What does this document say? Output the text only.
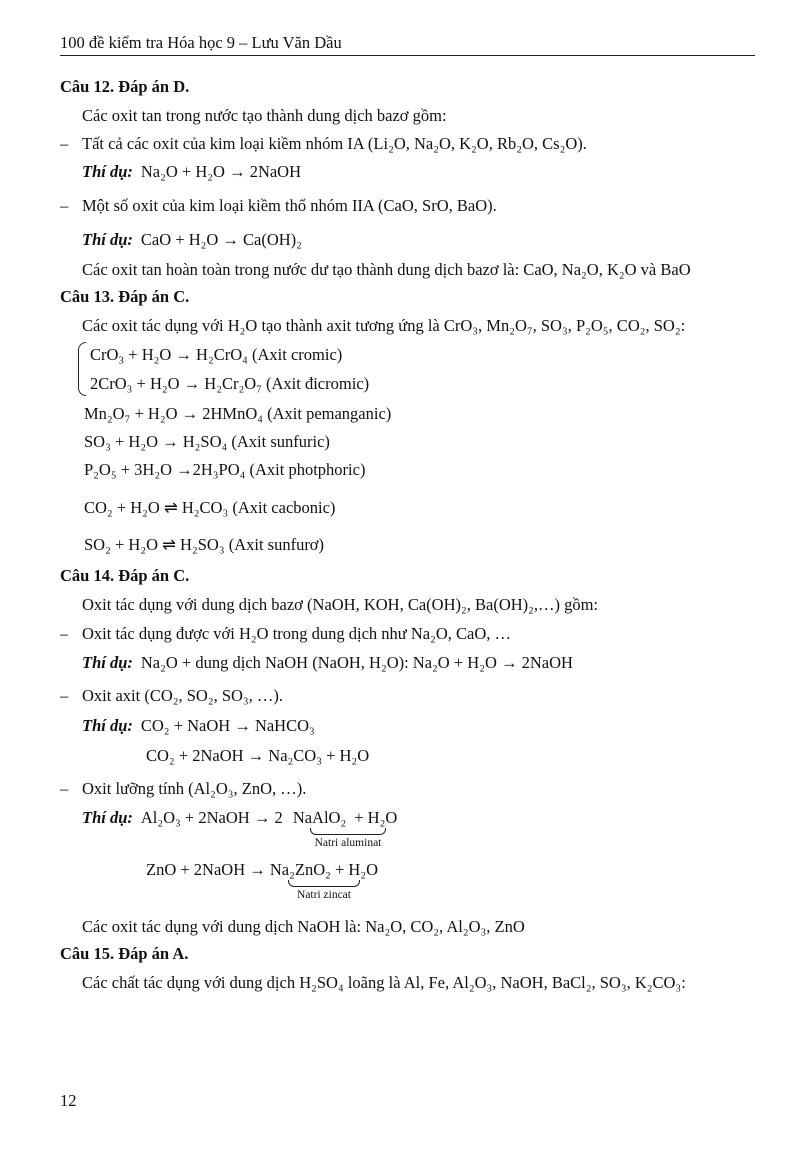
100 đề kiểm tra Hóa học 9 – Lưu Văn Dầu
Câu 12. Đáp án D.
Các oxit tan trong nước tạo thành dung dịch bazơ gồm:
– Tất cả các oxit của kim loại kiềm nhóm IA (Li₂O, Na₂O, K₂O, Rb₂O, Cs₂O).
Thí dụ: Na₂O + H₂O → 2NaOH
– Một số oxit của kim loại kiềm thổ nhóm IIA (CaO, SrO, BaO).
Thí dụ: CaO + H₂O → Ca(OH)₂
Các oxit tan hoàn toàn trong nước dư tạo thành dung dịch bazơ là: CaO, Na₂O, K₂O và BaO
Câu 13. Đáp án C.
Các oxit tác dụng với H₂O tạo thành axit tương ứng là CrO₃, Mn₂O₇, SO₃, P₂O₅, CO₂, SO₂:
CrO₃ + H₂O → H₂CrO₄ (Axit cromic)
2CrO₃ + H₂O → H₂Cr₂O₇ (Axit đicromic)
Mn₂O₇ + H₂O → 2HMnO₄ (Axit pemanganic)
SO₃ + H₂O → H₂SO₄ (Axit sunfuric)
P₂O₅ + 3H₂O →2H₃PO₄ (Axit photphoric)
CO₂ + H₂O ⇌ H₂CO₃ (Axit cacbonic)
SO₂ + H₂O ⇌ H₂SO₃ (Axit sunfurơ)
Câu 14. Đáp án C.
Oxit tác dụng với dung dịch bazơ (NaOH, KOH, Ca(OH)₂, Ba(OH)₂,…) gồm:
– Oxit tác dụng được với H₂O trong dung dịch như Na₂O, CaO, …
Thí dụ: Na₂O + dung dịch NaOH (NaOH, H₂O): Na₂O + H₂O → 2NaOH
– Oxit axit (CO₂, SO₂, SO₃, …).
Thí dụ: CO₂ + NaOH → NaHCO₃
CO₂ + 2NaOH → Na₂CO₃ + H₂O
– Oxit lưỡng tính (Al₂O₃, ZnO, …).
Thí dụ: Al₂O₃ + 2NaOH → 2 NaAlO₂ + H₂O
Natri aluminat
ZnO + 2NaOH → Na₂ZnO₂ + H₂O
Natri zincat
Các oxit tác dụng với dung dịch NaOH là: Na₂O, CO₂, Al₂O₃, ZnO
Câu 15. Đáp án A.
Các chất tác dụng với dung dịch H₂SO₄ loãng là Al, Fe, Al₂O₃, NaOH, BaCl₂, SO₃, K₂CO₃:
12
